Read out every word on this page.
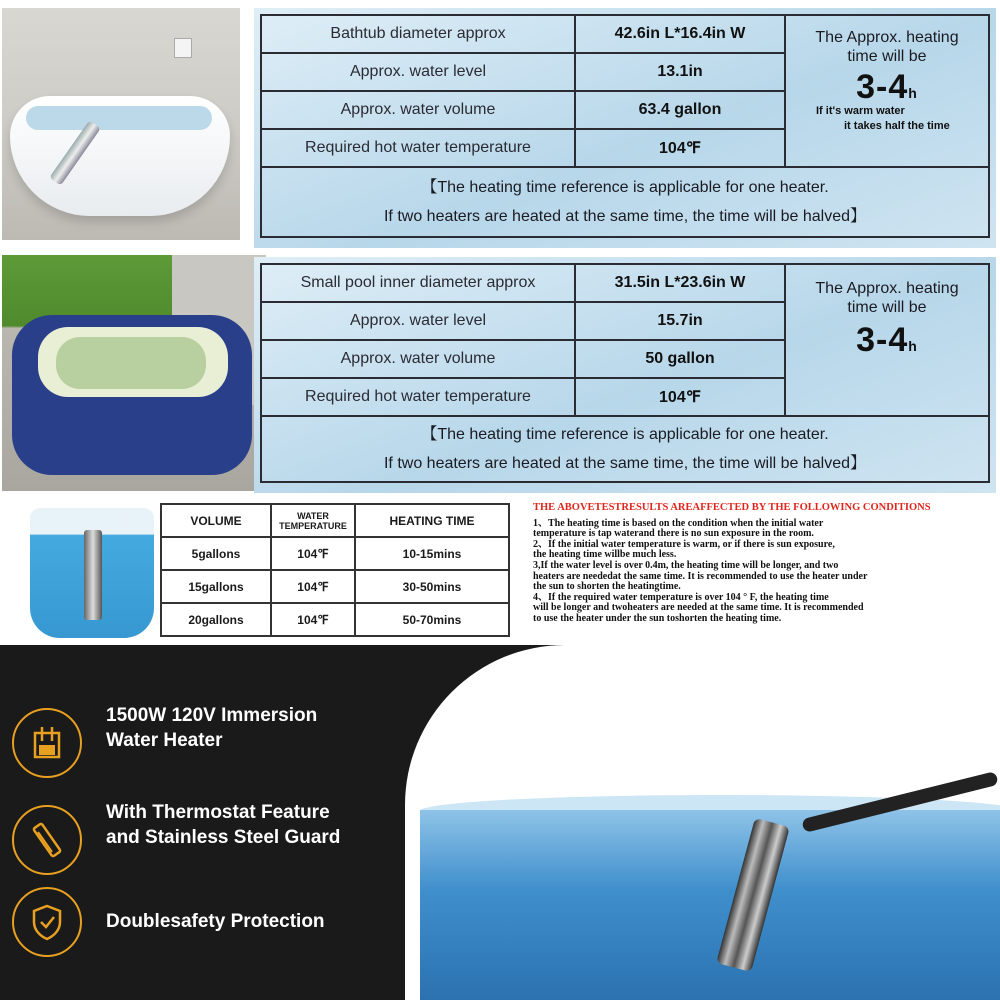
Bathtub diameter approx	42.6in L*16.4in W	The Approx. heating
time will be
3-4h
If it's warm water
it takes half the time

Approx. water level	13.1in	
Approx. water volume	63.4 gallon	
Required hot water temperature	104℉	

【The heating time reference is applicable for one heater.
If two heaters are heated at the same time, the time will be halved】		
Small pool inner diameter approx	31.5in L*23.6in W	The Approx. heating
time will be
3-4h

Approx. water level	15.7in	
Approx. water volume	50 gallon	
Required hot water temperature	104℉	

【The heating time reference is applicable for one heater.
If two heaters are heated at the same time, the time will be halved】		
VOLUME	WATER
TEMPERATURE	HEATING TIME
5gallons	104℉	10-15mins
15gallons	104℉	30-50mins
20gallons	104℉	50-70mins
THE ABOVETESTRESULTS AREAFFECTED BY THE FOLLOWING CONDITIONS

1、The heating time is based on the condition when the initial water

temperature is tap waterand there is no sun exposure in the room.

2、If the initial water temperature is warm, or if there is sun exposure,

the heating time willbe much less.

3,If the water level is over 0.4m, the heating time will be longer, and two

heaters are neededat the same time. It is recommended to use the heater under

the sun to shorten the heatingtime.

4、If the required water temperature is over 104 ° F, the heating time

will be longer and twoheaters are needed at the same time. It is recommended

to use the heater under the sun toshorten the heating time.

1500W 120V Immersion
Water Heater
With Thermostat Feature
and Stainless Steel Guard
Doublesafety Protection
